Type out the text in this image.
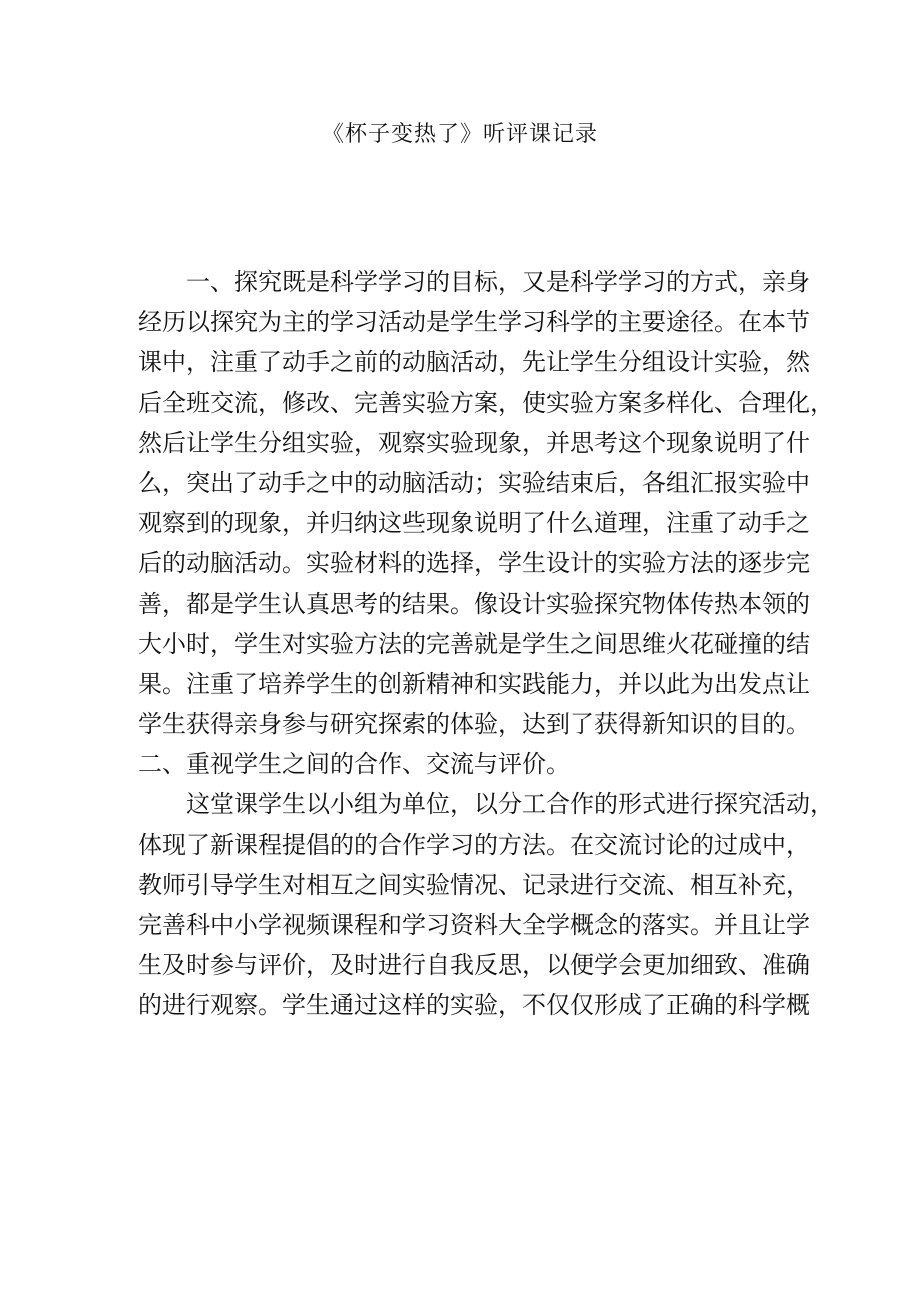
《杯子变热了》听评课记录
一、探究既是科学学习的目标，又是科学学习的方式，亲身
经历以探究为主的学习活动是学生学习科学的主要途径。在本节
课中，注重了动手之前的动脑活动，先让学生分组设计实验，然
后全班交流，修改、完善实验方案，使实验方案多样化、合理化，
然后让学生分组实验，观察实验现象，并思考这个现象说明了什
么，突出了动手之中的动脑活动；实验结束后，各组汇报实验中
观察到的现象，并归纳这些现象说明了什么道理，注重了动手之
后的动脑活动。实验材料的选择，学生设计的实验方法的逐步完
善，都是学生认真思考的结果。像设计实验探究物体传热本领的
大小时，学生对实验方法的完善就是学生之间思维火花碰撞的结
果。注重了培养学生的创新精神和实践能力，并以此为出发点让
学生获得亲身参与研究探索的体验，达到了获得新知识的目的。
二、重视学生之间的合作、交流与评价。
这堂课学生以小组为单位，以分工合作的形式进行探究活动，
体现了新课程提倡的的合作学习的方法。在交流讨论的过成中，
教师引导学生对相互之间实验情况、记录进行交流、相互补充，
完善科中小学视频课程和学习资料大全学概念的落实。并且让学
生及时参与评价，及时进行自我反思，以便学会更加细致、准确
的进行观察。学生通过这样的实验，不仅仅形成了正确的科学概
